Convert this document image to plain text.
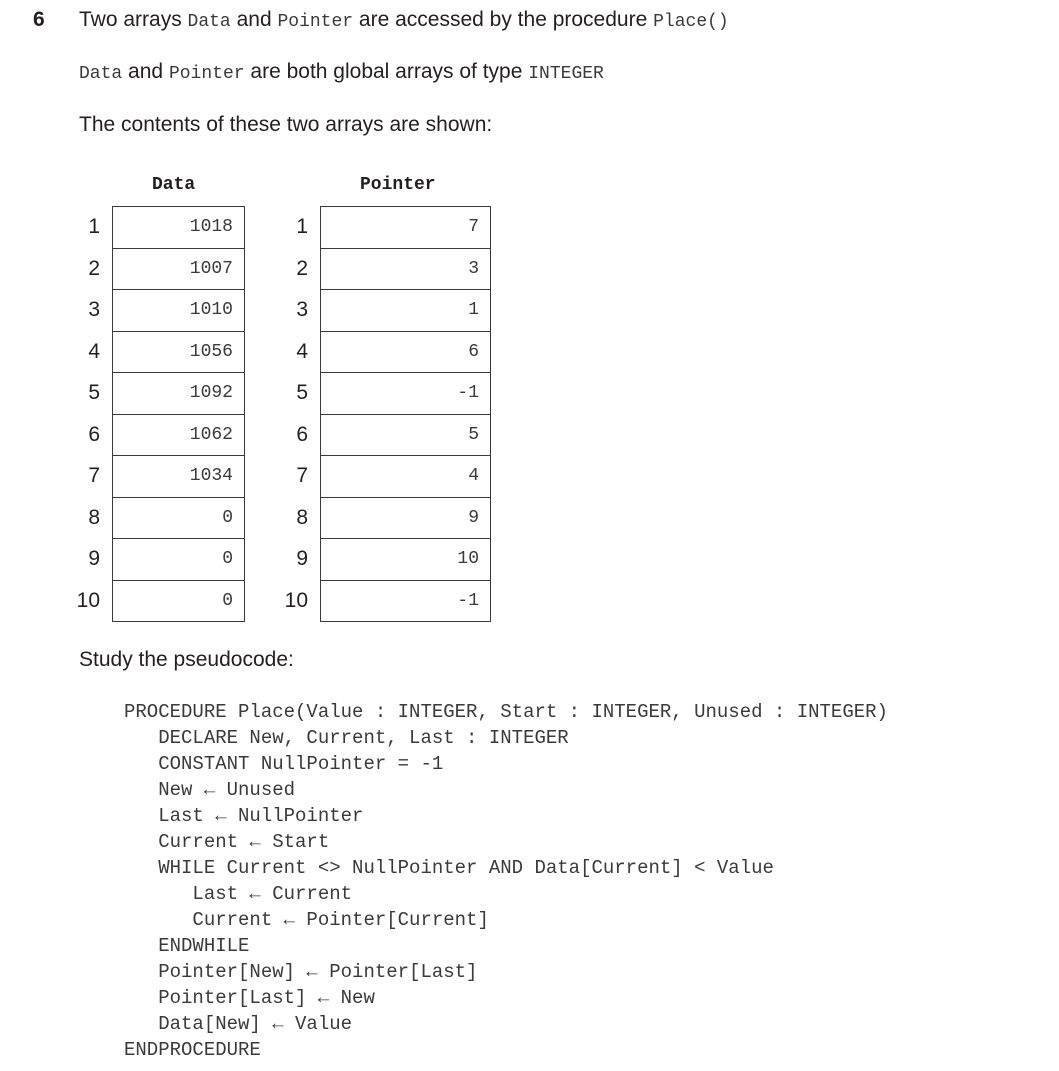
6 Two arrays Data and Pointer are accessed by the procedure Place()
Data and Pointer are both global arrays of type INTEGER
The contents of these two arrays are shown:
Data	Pointer
1
2
3
4
5
6
7
8
9
10
1018
1007
1010
1056
1092
1062
1034
0
0
0
1
2
3
4
5
6
7
8
9
10
7
3
1
6
-1
5
4
9
10
-1
Study the pseudocode:
PROCEDURE Place(Value : INTEGER, Start : INTEGER, Unused : INTEGER)
DECLARE New, Current, Last : INTEGER
CONSTANT NullPointer = -1
New ← Unused
Last ← NullPointer
Current ← Start
WHILE Current <> NullPointer AND Data[Current] < Value
Last ← Current
Current ← Pointer[Current]
ENDWHILE
Pointer[New] ← Pointer[Last]
Pointer[Last] ← New
Data[New] ← Value
ENDPROCEDURE
